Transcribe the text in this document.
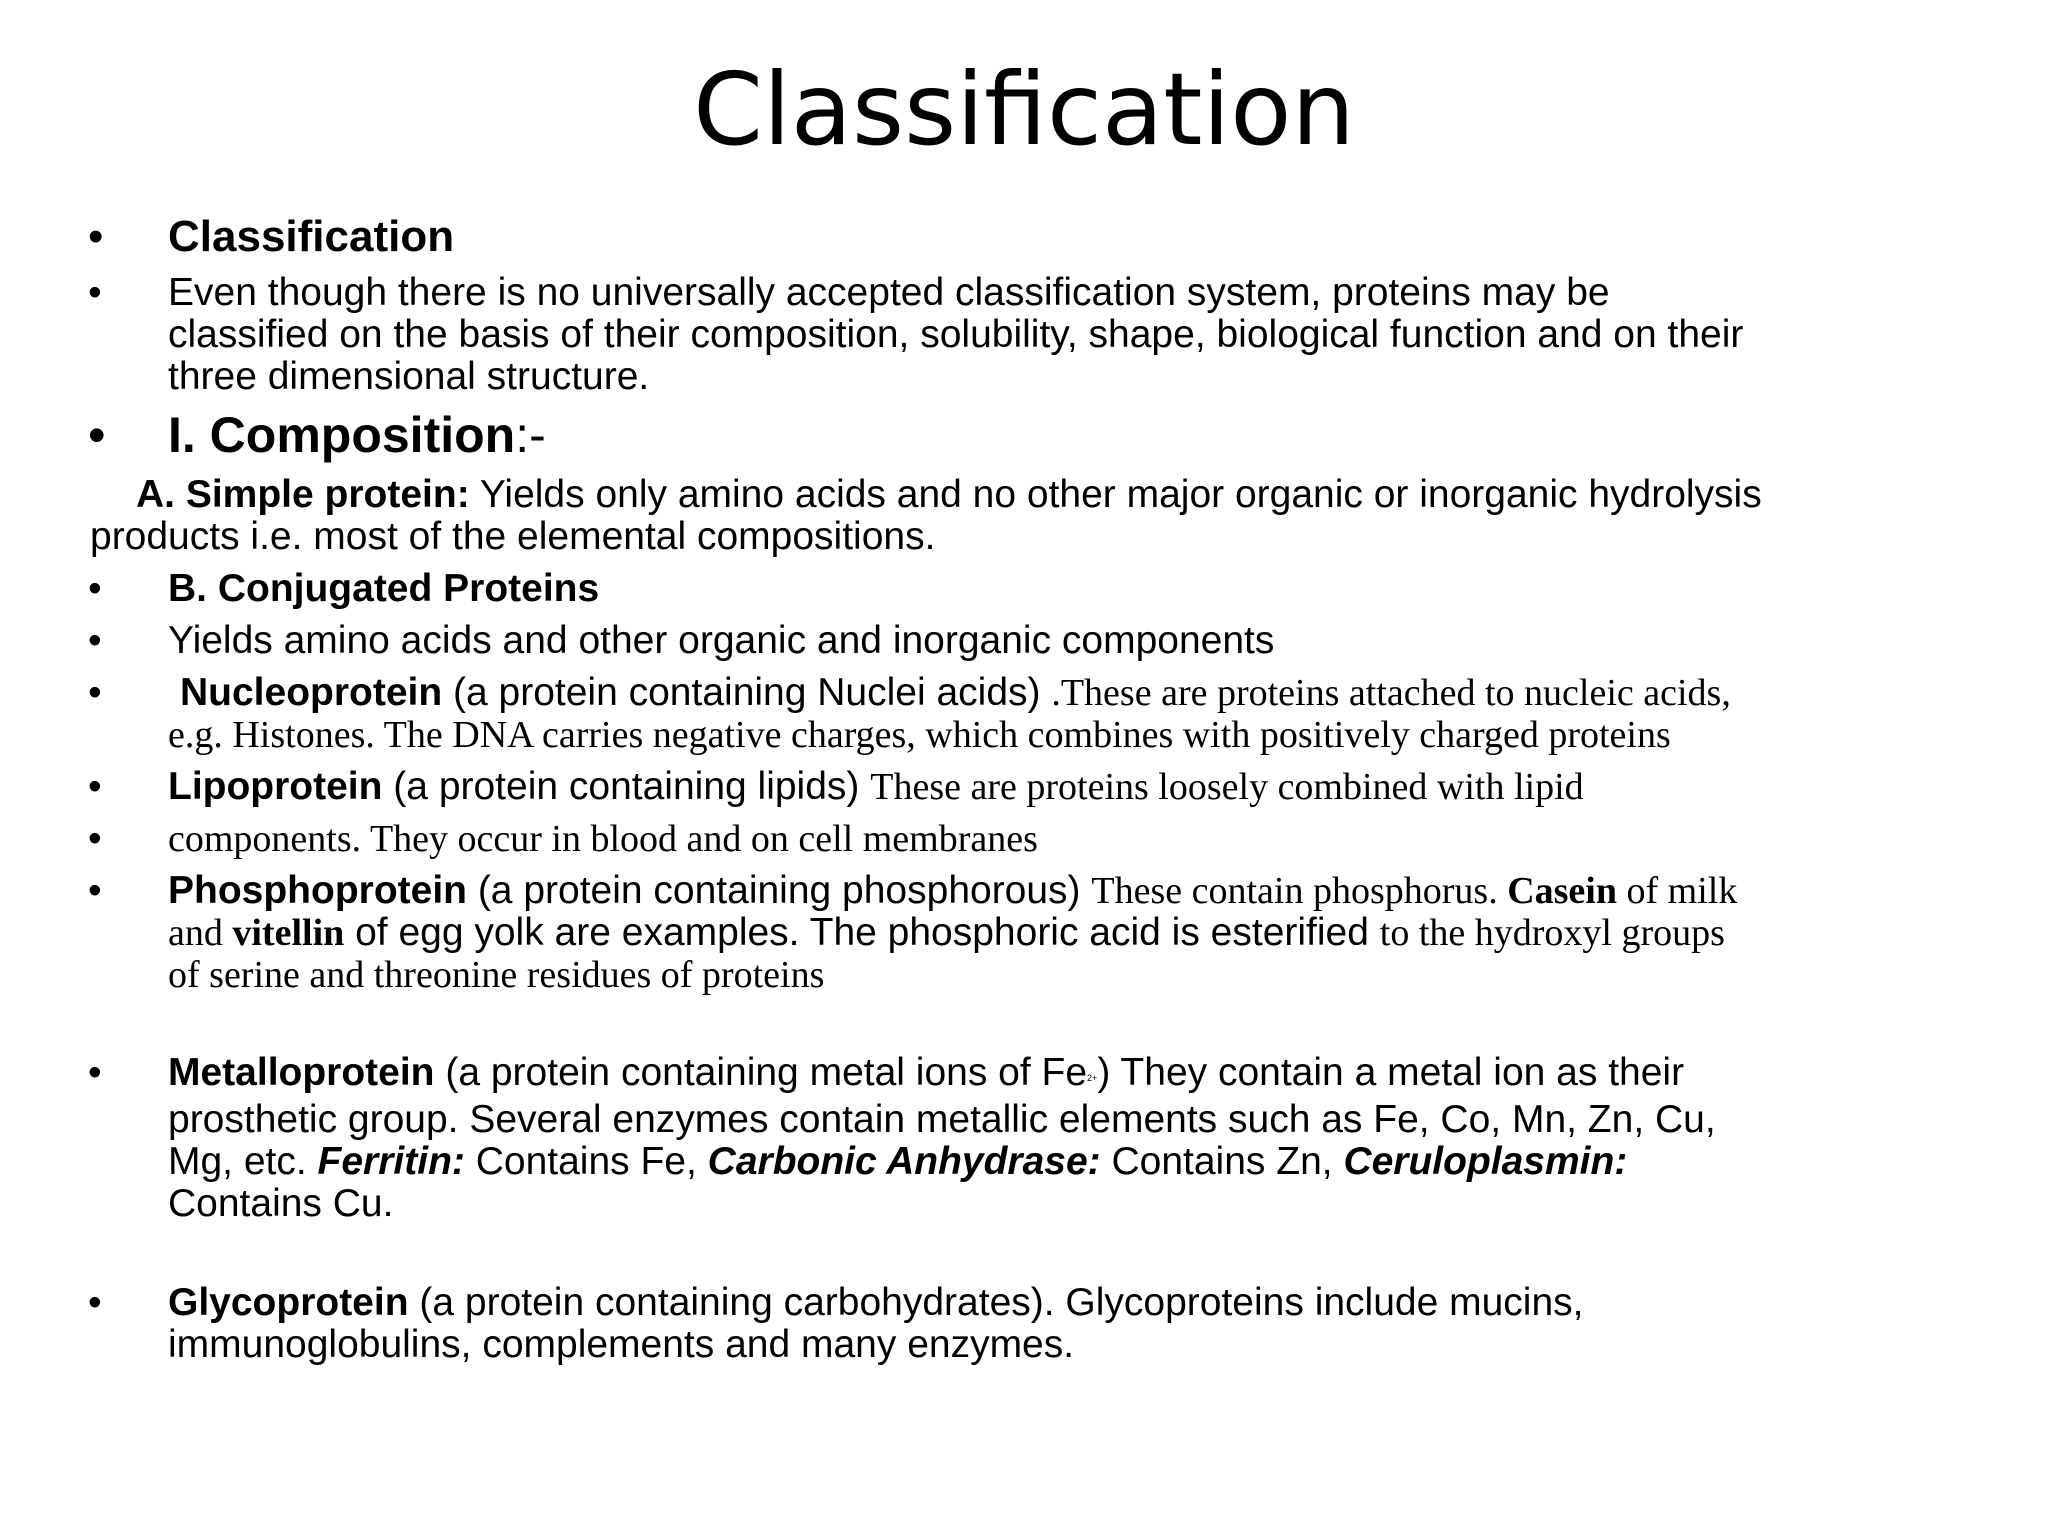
Classification
• Classification
• Even though there is no universally accepted classification system, proteins may be
classified on the basis of their composition, solubility, shape, biological function and on their
three dimensional structure.
• I. Composition:-
A. Simple protein: Yields only amino acids and no other major organic or inorganic hydrolysis
products i.e. most of the elemental compositions.
• B. Conjugated Proteins
• Yields amino acids and other organic and inorganic components
•	Nucleoprotein (a protein containing Nuclei acids) .These are proteins attached to nucleic acids,
e.g. Histones. The DNA carries negative charges, which combines with positively charged proteins
• Lipoprotein (a protein containing lipids) These are proteins loosely combined with lipid
• components. They occur in blood and on cell membranes
• Phosphoprotein (a protein containing phosphorous) These contain phosphorus. Casein of milk
and vitellin of egg yolk are examples. The phosphoric acid is esterified to the hydroxyl groups
of serine and threonine residues of proteins
• Metalloprotein (a protein containing metal ions of $Fe^{2+}$) They contain a metal ion as their
prosthetic group. Several enzymes contain metallic elements such as Fe, Co, Mn, Zn, Cu,
Mg, etc. Ferritin: Contains Fe, Carbonic Anhydrase: Contains Zn, Ceruloplasmin:
Contains Cu.
• Glycoprotein (a protein containing carbohydrates). Glycoproteins include mucins,
immunoglobulins, complements and many enzymes.
